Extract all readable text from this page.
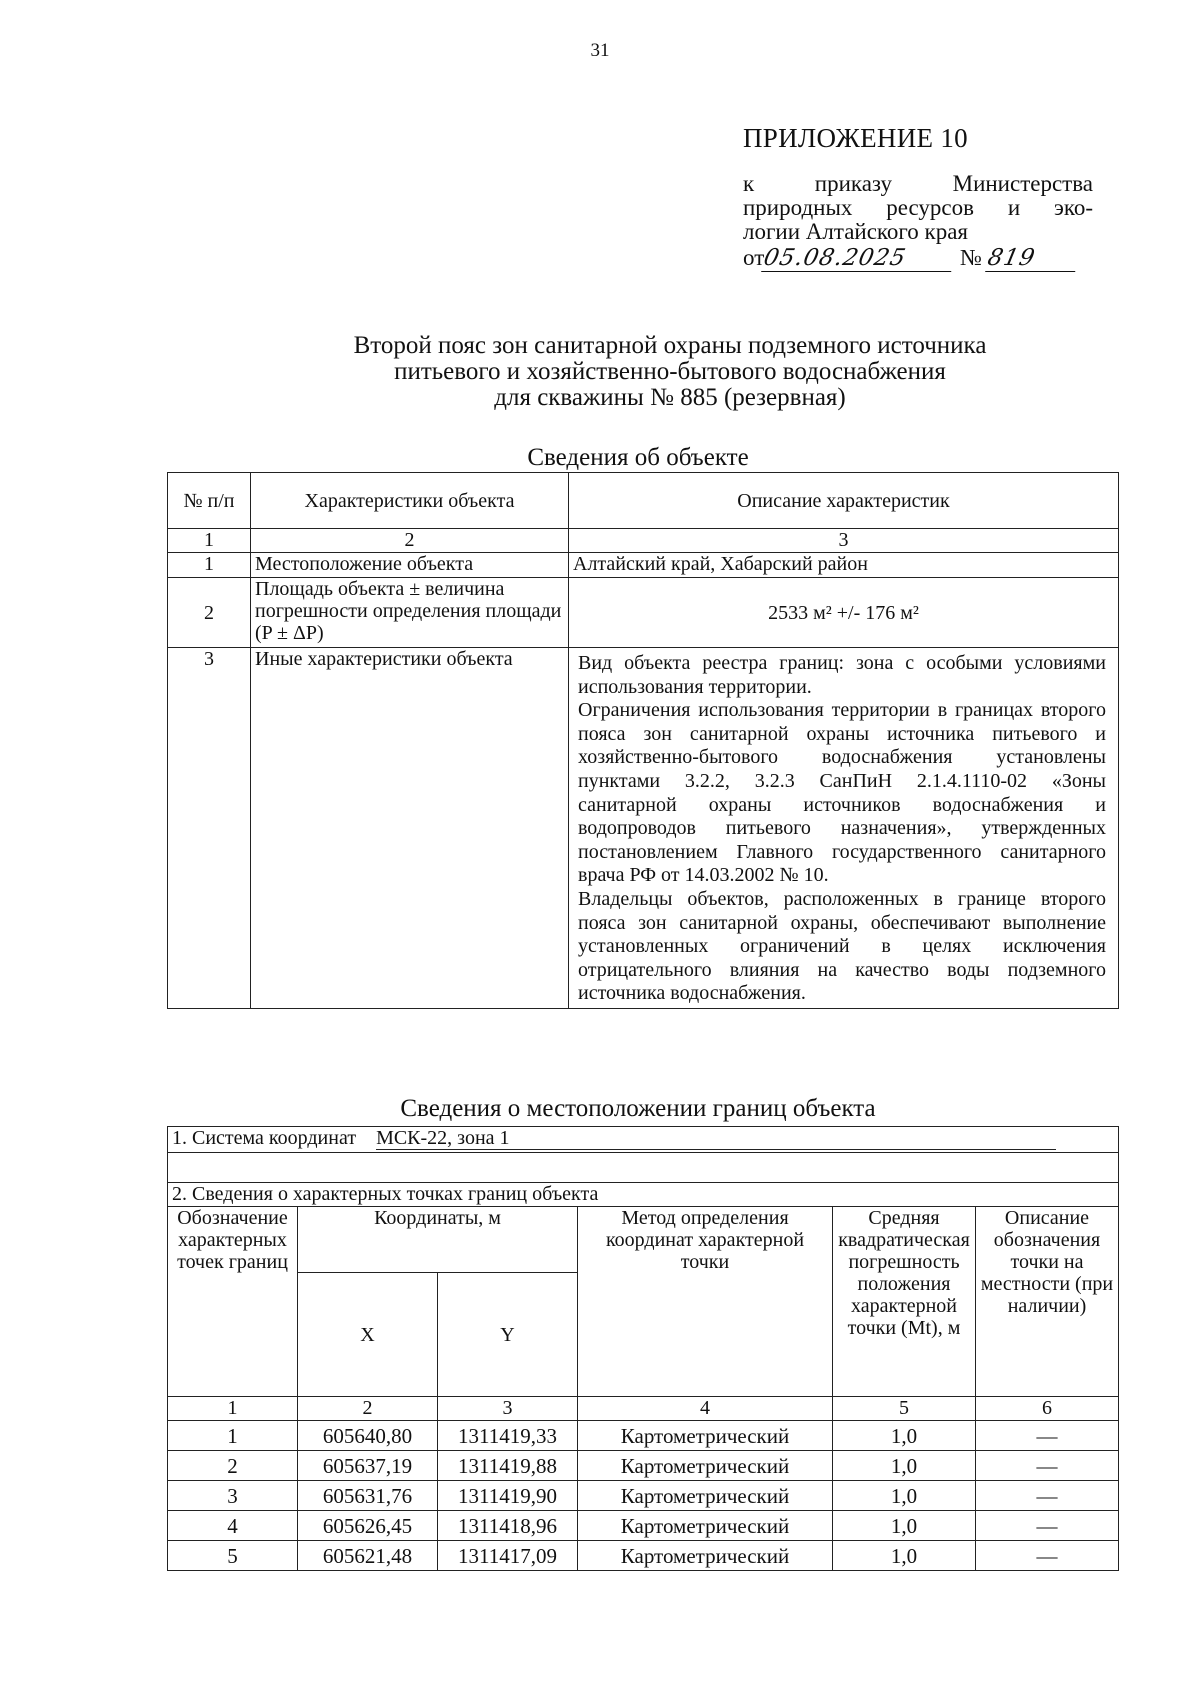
31
ПРИЛОЖЕНИЕ 10
к приказу Министерства
природных ресурсов и эко-
логии Алтайского края
от05.08.2025 № 819
Второй пояс зон санитарной охраны подземного источника
питьевого и хозяйственно-бытового водоснабжения
для скважины № 885 (резервная)
Сведения об объекте
№ п/п	Характеристики объекта	Описание характеристик
1	2	3
1	Местоположение объекта	Алтайский край, Хабарский район
2	Площадь объекта ± величина погрешности определения площади (P ± ΔP)	2533 м² +/- 176 м²
3	Иные характеристики объекта	Вид объекта реестра границ: зона с особыми условиями использования территории.

Ограничения использования территории в границах второго пояса зон санитарной охраны источника питьевого и хозяйственно-бытового водоснабжения установлены пунктами 3.2.2, 3.2.3 СанПиН 2.1.4.1110-02 «Зоны санитарной охраны источников водоснабжения и водопроводов питьевого назначения», утвержденных постановлением Главного государственного санитарного врача РФ от 14.03.2002 № 10.

Владельцы объектов, расположенных в границе второго пояса зон санитарной охраны, обеспечивают выполнение установленных ограничений в целях исключения отрицательного влияния на качество воды подземного источника водоснабжения.

Сведения о местоположении границ объекта
1. Система координат МСК-22, зона 1					

2. Сведения о характерных точках границ объекта					
Обозначение характерных точек границ	Координаты, м		Метод определения координат характерной точки	Средняя квадратическая погрешность положения характерной точки (Mt), м	Описание обозначения точки на местности (при наличии)
	X	Y			
1	2	3	4	5	6
1	605640,80	1311419,33	Картометрический	1,0	—
2	605637,19	1311419,88	Картометрический	1,0	—
3	605631,76	1311419,90	Картометрический	1,0	—
4	605626,45	1311418,96	Картометрический	1,0	—
5	605621,48	1311417,09	Картометрический	1,0	—
